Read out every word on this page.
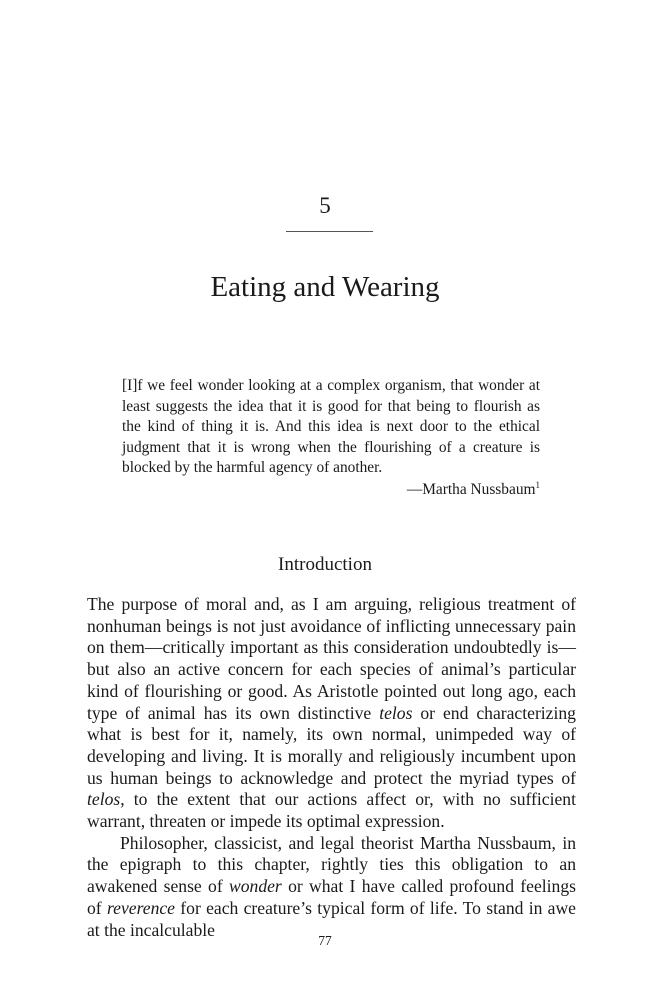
5
Eating and Wearing

[I]f we feel wonder looking at a complex organism, that wonder at least suggests the idea that it is good for that being to flourish as the kind of thing it is. And this idea is next door to the ethical judgment that it is wrong when the flourishing of a creature is blocked by the harmful agency of another.

—Martha Nussbaum$^1$
Introduction

The purpose of moral and, as I am arguing, religious treatment of nonhuman beings is not just avoidance of inflicting unnecessary pain on them—critically important as this consideration undoubtedly is—but also an active concern for each species of animal’s particular kind of flourishing or good. As Aristotle pointed out long ago, each type of animal has its own distinctive telos or end characterizing what is best for it, namely, its own normal, unimpeded way of developing and living. It is morally and religiously incumbent upon us human beings to acknowledge and protect the myriad types of telos, to the extent that our actions affect or, with no sufficient warrant, threaten or impede its optimal expression.

Philosopher, classicist, and legal theorist Martha Nussbaum, in the epigraph to this chapter, rightly ties this obligation to an awakened sense of wonder or what I have called profound feelings of reverence for each creature’s typical form of life. To stand in awe at the incalculable

77
